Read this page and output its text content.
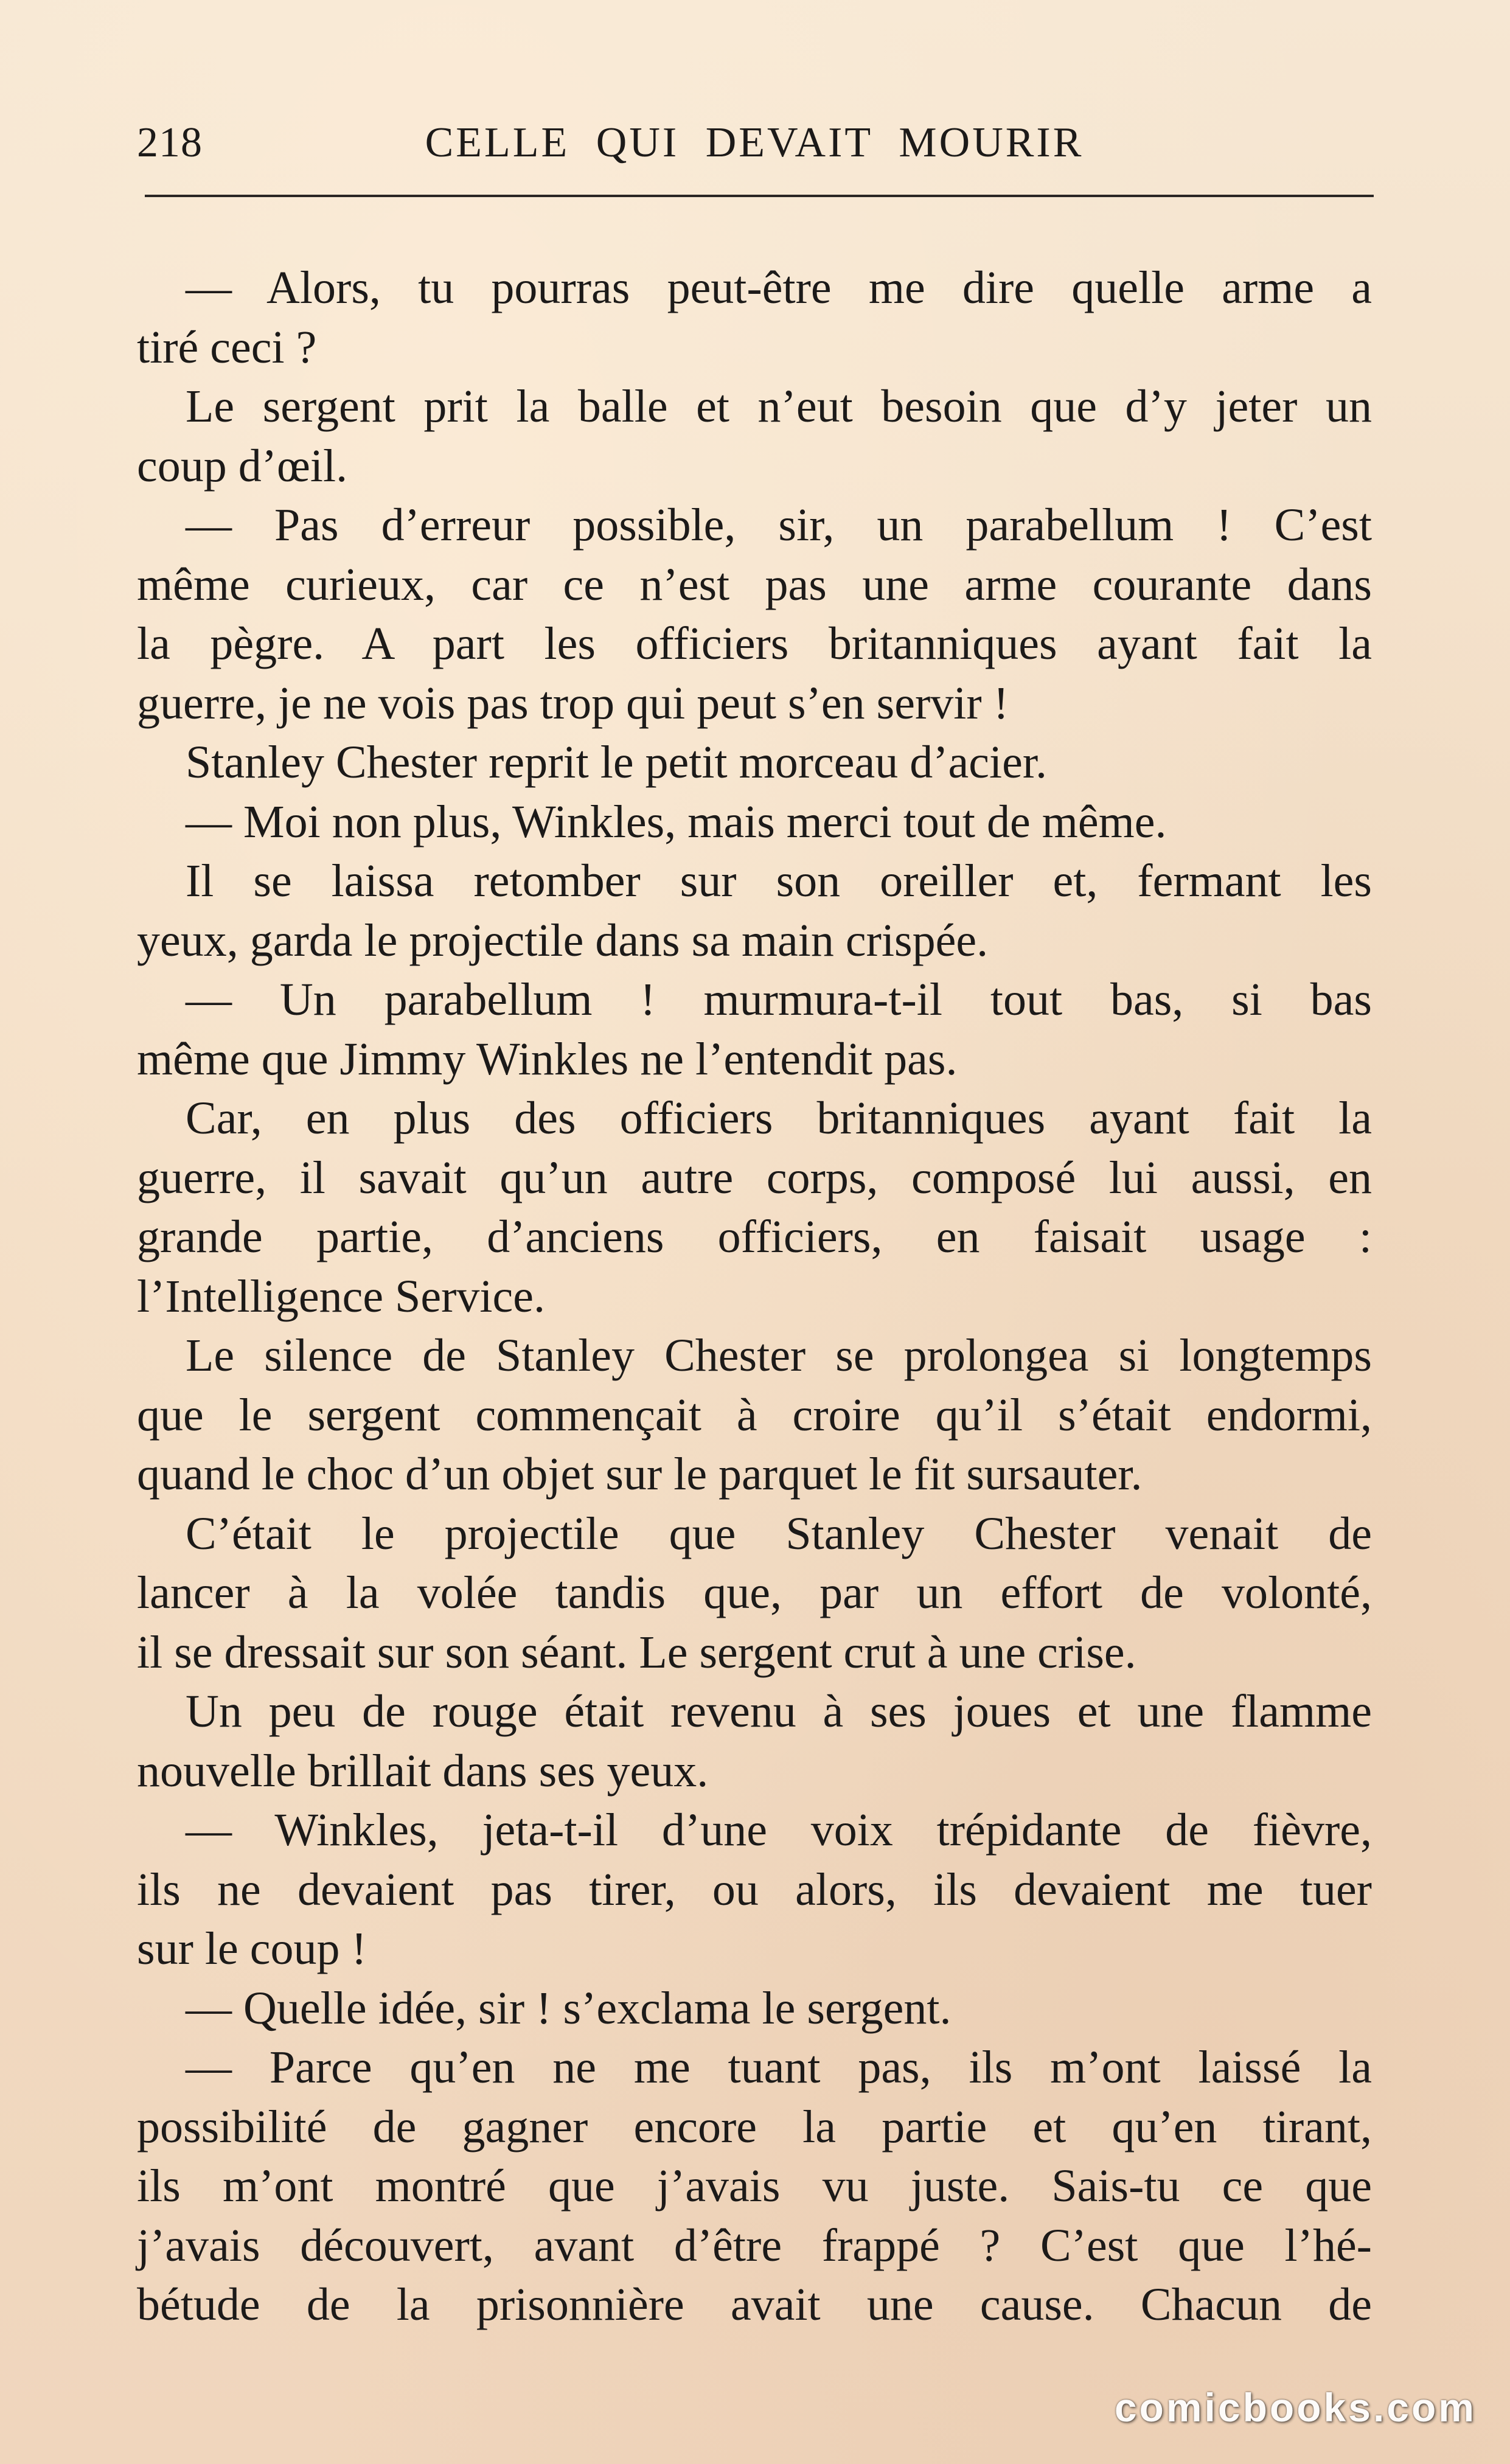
218	CELLE QUI DEVAIT MOURIR
— Alors, tu pourras peut-être me dire quelle arme a
tiré ceci ?
Le sergent prit la balle et n’eut besoin que d’y jeter un
coup d’œil.
— Pas d’erreur possible, sir, un parabellum ! C’est
même curieux, car ce n’est pas une arme courante dans
la pègre. A part les officiers britanniques ayant fait la
guerre, je ne vois pas trop qui peut s’en servir !
Stanley Chester reprit le petit morceau d’acier.
— Moi non plus, Winkles, mais merci tout de même.
Il se laissa retomber sur son oreiller et, fermant les
yeux, garda le projectile dans sa main crispée.
— Un parabellum ! murmura-t-il tout bas, si bas
même que Jimmy Winkles ne l’entendit pas.
Car, en plus des officiers britanniques ayant fait la
guerre, il savait qu’un autre corps, composé lui aussi, en
grande partie, d’anciens officiers, en faisait usage :
l’Intelligence Service.
Le silence de Stanley Chester se prolongea si longtemps
que le sergent commençait à croire qu’il s’était endormi,
quand le choc d’un objet sur le parquet le fit sursauter.
C’était le projectile que Stanley Chester venait de
lancer à la volée tandis que, par un effort de volonté,
il se dressait sur son séant. Le sergent crut à une crise.
Un peu de rouge était revenu à ses joues et une flamme
nouvelle brillait dans ses yeux.
— Winkles, jeta-t-il d’une voix trépidante de fièvre,
ils ne devaient pas tirer, ou alors, ils devaient me tuer
sur le coup !
— Quelle idée, sir ! s’exclama le sergent.
— Parce qu’en ne me tuant pas, ils m’ont laissé la
possibilité de gagner encore la partie et qu’en tirant,
ils m’ont montré que j’avais vu juste. Sais-tu ce que
j’avais découvert, avant d’être frappé ? C’est que l’hé-
bétude de la prisonnière avait une cause. Chacun de
comicbooks.com
